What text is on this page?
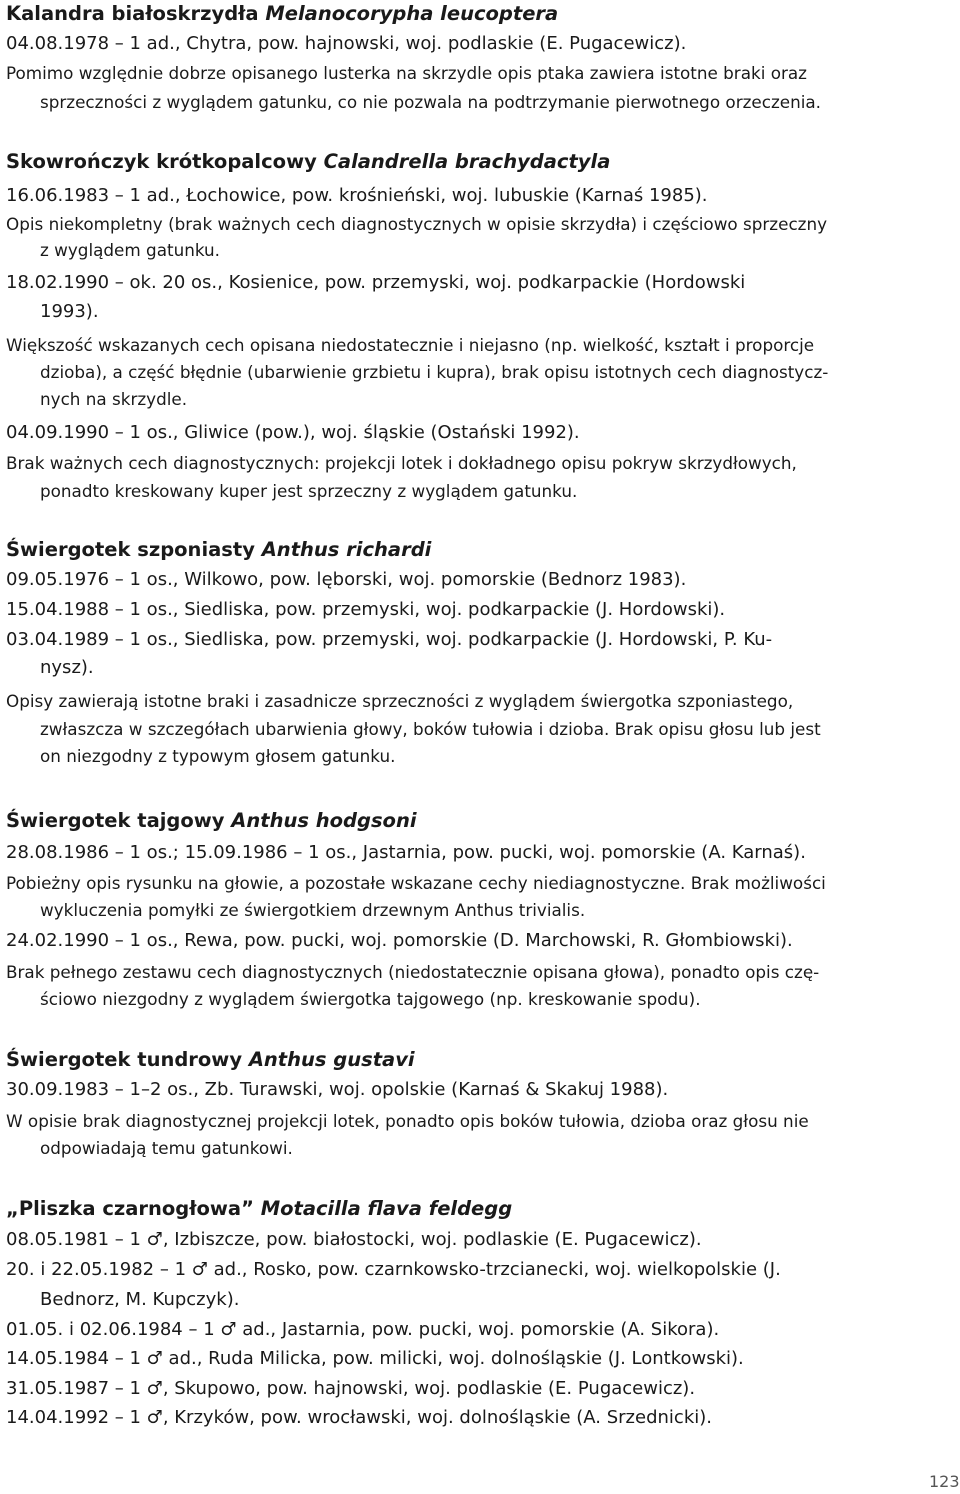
Kalandra białoskrzydła Melanocorypha leucoptera
04.08.1978 – 1 ad., Chytra, pow. hajnowski, woj. podlaskie (E. Pugacewicz).
Pomimo względnie dobrze opisanego lusterka na skrzydle opis ptaka zawiera istotne braki oraz
sprzeczności z wyglądem gatunku, co nie pozwala na podtrzymanie pierwotnego orzeczenia.
Skowrończyk krótkopalcowy Calandrella brachydactyla
16.06.1983 – 1 ad., Łochowice, pow. krośnieński, woj. lubuskie (Karnaś 1985).
Opis niekompletny (brak ważnych cech diagnostycznych w opisie skrzydła) i częściowo sprzeczny
z wyglądem gatunku.
18.02.1990 – ok. 20 os., Kosienice, pow. przemyski, woj. podkarpackie (Hordowski
1993).
Większość wskazanych cech opisana niedostatecznie i niejasno (np. wielkość, kształt i proporcje
dzioba), a część błędnie (ubarwienie grzbietu i kupra), brak opisu istotnych cech diagnostycz-
nych na skrzydle.
04.09.1990 – 1 os., Gliwice (pow.), woj. śląskie (Ostański 1992).
Brak ważnych cech diagnostycznych: projekcji lotek i dokładnego opisu pokryw skrzydłowych,
ponadto kreskowany kuper jest sprzeczny z wyglądem gatunku.
Świergotek szponiasty Anthus richardi
09.05.1976 – 1 os., Wilkowo, pow. lęborski, woj. pomorskie (Bednorz 1983).
15.04.1988 – 1 os., Siedliska, pow. przemyski, woj. podkarpackie (J. Hordowski).
03.04.1989 – 1 os., Siedliska, pow. przemyski, woj. podkarpackie (J. Hordowski, P. Ku-
nysz).
Opisy zawierają istotne braki i zasadnicze sprzeczności z wyglądem świergotka szponiastego,
zwłaszcza w szczegółach ubarwienia głowy, boków tułowia i dzioba. Brak opisu głosu lub jest
on niezgodny z typowym głosem gatunku.
Świergotek tajgowy Anthus hodgsoni
28.08.1986 – 1 os.; 15.09.1986 – 1 os., Jastarnia, pow. pucki, woj. pomorskie (A. Karnaś).
Pobieżny opis rysunku na głowie, a pozostałe wskazane cechy niediagnostyczne. Brak możliwości
wykluczenia pomyłki ze świergotkiem drzewnym Anthus trivialis.
24.02.1990 – 1 os., Rewa, pow. pucki, woj. pomorskie (D. Marchowski, R. Głombiowski).
Brak pełnego zestawu cech diagnostycznych (niedostatecznie opisana głowa), ponadto opis czę-
ściowo niezgodny z wyglądem świergotka tajgowego (np. kreskowanie spodu).
Świergotek tundrowy Anthus gustavi
30.09.1983 – 1–2 os., Zb. Turawski, woj. opolskie (Karnaś & Skakuj 1988).
W opisie brak diagnostycznej projekcji lotek, ponadto opis boków tułowia, dzioba oraz głosu nie
odpowiadają temu gatunkowi.
„Pliszka czarnogłowa” Motacilla flava feldegg
08.05.1981 – 1 ♂, Izbiszcze, pow. białostocki, woj. podlaskie (E. Pugacewicz).
20. i 22.05.1982 – 1 ♂ ad., Rosko, pow. czarnkowsko-trzcianecki, woj. wielkopolskie (J.
Bednorz, M. Kupczyk).
01.05. i 02.06.1984 – 1 ♂ ad., Jastarnia, pow. pucki, woj. pomorskie (A. Sikora).
14.05.1984 – 1 ♂ ad., Ruda Milicka, pow. milicki, woj. dolnośląskie (J. Lontkowski).
31.05.1987 – 1 ♂, Skupowo, pow. hajnowski, woj. podlaskie (E. Pugacewicz).
14.04.1992 – 1 ♂, Krzyków, pow. wrocławski, woj. dolnośląskie (A. Srzednicki).
123
